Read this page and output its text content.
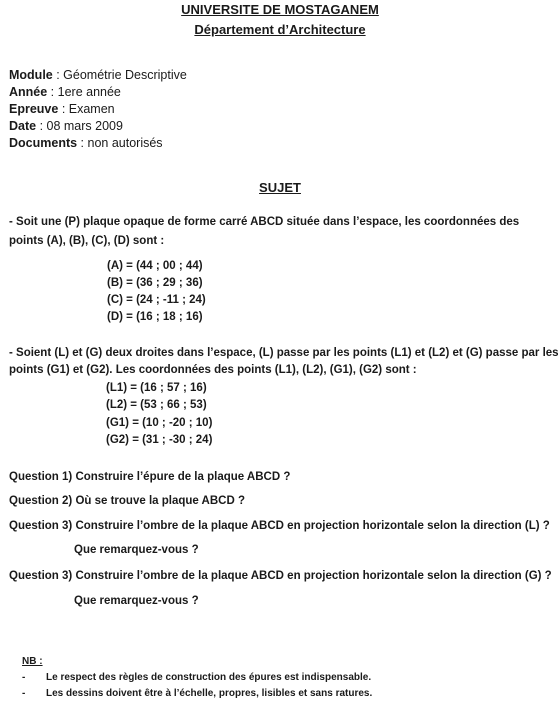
UNIVERSITE DE MOSTAGANEM
Département d’Architecture
Module : Géométrie Descriptive
Année : 1ere année
Epreuve : Examen
Date : 08 mars 2009
Documents : non autorisés
SUJET
- Soit une (P) plaque opaque de forme carré ABCD située dans l’espace, les coordonnées des
points (A), (B), (C), (D) sont :
(A) = (44 ; 00 ; 44)
(B) = (36 ; 29 ; 36)
(C) = (24 ; -11 ; 24)
(D) = (16 ; 18 ; 16)
- Soient (L) et (G) deux droites dans l’espace, (L) passe par les points (L1) et (L2) et (G) passe par les
points (G1) et (G2). Les coordonnées des points (L1), (L2), (G1), (G2) sont :
(L1) = (16 ; 57 ; 16)
(L2) = (53 ; 66 ; 53)
(G1) = (10 ; -20 ; 10)
(G2) = (31 ; -30 ; 24)
Question 1) Construire l’épure de la plaque ABCD ?
Question 2) Où se trouve la plaque ABCD ?
Question 3) Construire l’ombre de la plaque ABCD en projection horizontale selon la direction (L) ?
Que remarquez-vous ?
Question 3) Construire l’ombre de la plaque ABCD en projection horizontale selon la direction (G) ?
Que remarquez-vous ?
NB :
- Le respect des règles de construction des épures est indispensable.
- Les dessins doivent être à l’échelle, propres, lisibles et sans ratures.
